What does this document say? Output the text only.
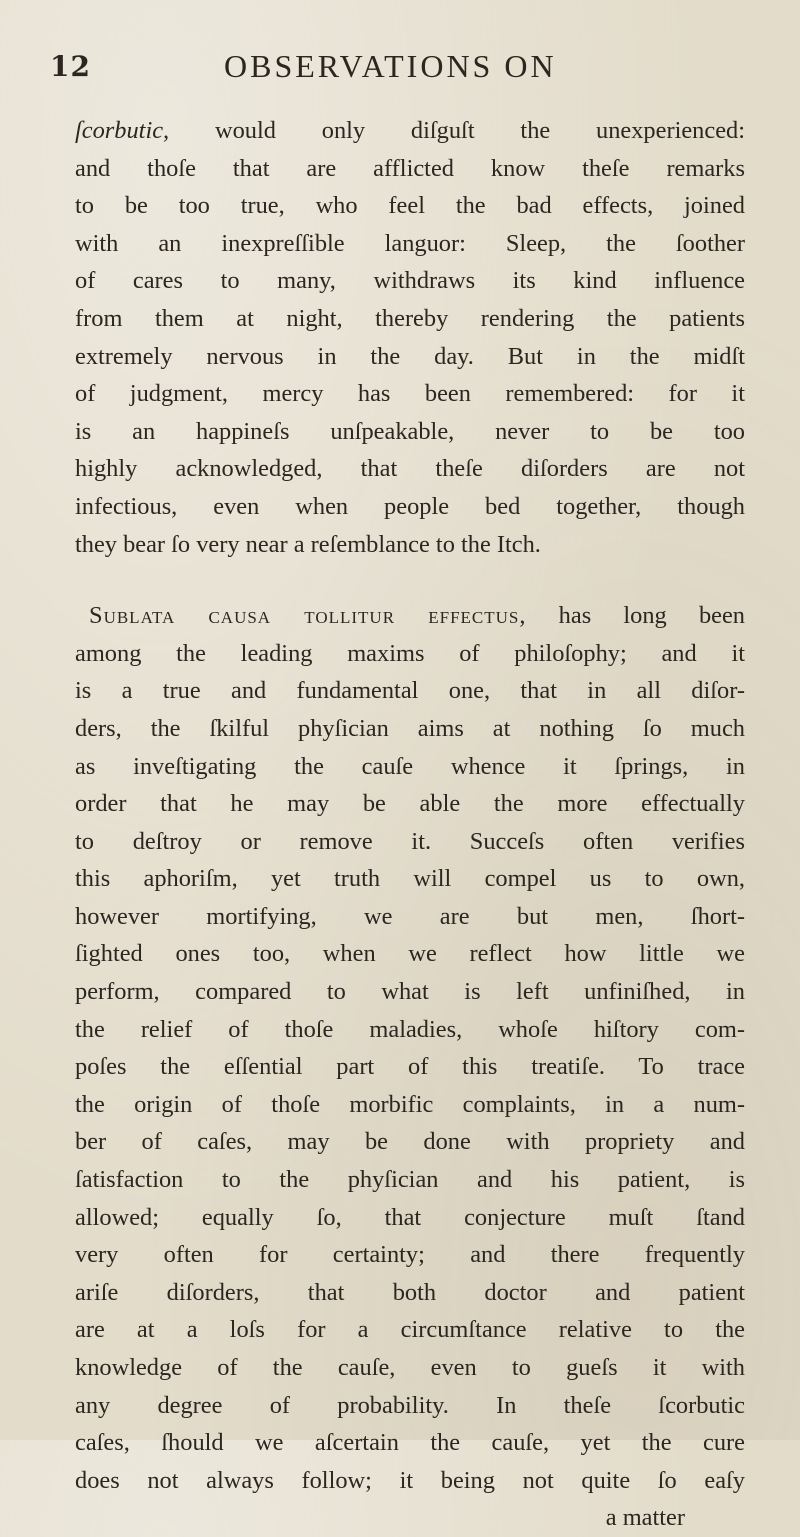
12	OBSERVATIONS ON
ſcorbutic, would only diſguſt the unexperienced:
and thoſe that are afflicted know theſe remarks
to be too true, who feel the bad effects, joined
with an inexpreſſible languor: Sleep, the ſoother
of cares to many, withdraws its kind influence
from them at night, thereby rendering the patients
extremely nervous in the day. But in the midſt
of judgment, mercy has been remembered: for it
is an happineſs unſpeakable, never to be too
highly acknowledged, that theſe diſorders are not
infectious, even when people bed together, though
they bear ſo very near a reſemblance to the Itch.
Sublata causa tollitur effectus, has long been
among the leading maxims of philoſophy; and it
is a true and fundamental one, that in all diſor-
ders, the ſkilful phyſician aims at nothing ſo much
as inveſtigating the cauſe whence it ſprings, in
order that he may be able the more effectually
to deſtroy or remove it. Succeſs often verifies
this aphoriſm, yet truth will compel us to own,
however mortifying, we are but men, ſhort-
ſighted ones too, when we reflect how little we
perform, compared to what is left unfiniſhed, in
the relief of thoſe maladies, whoſe hiſtory com-
poſes the eſſential part of this treatiſe. To trace
the origin of thoſe morbific complaints, in a num-
ber of caſes, may be done with propriety and
ſatisfaction to the phyſician and his patient, is
allowed; equally ſo, that conjecture muſt ſtand
very often for certainty; and there frequently
ariſe diſorders, that both doctor and patient
are at a loſs for a circumſtance relative to the
knowledge of the cauſe, even to gueſs it with
any degree of probability. In theſe ſcorbutic
caſes, ſhould we aſcertain the cauſe, yet the cure
does not always follow; it being not quite ſo eaſy
a matter
